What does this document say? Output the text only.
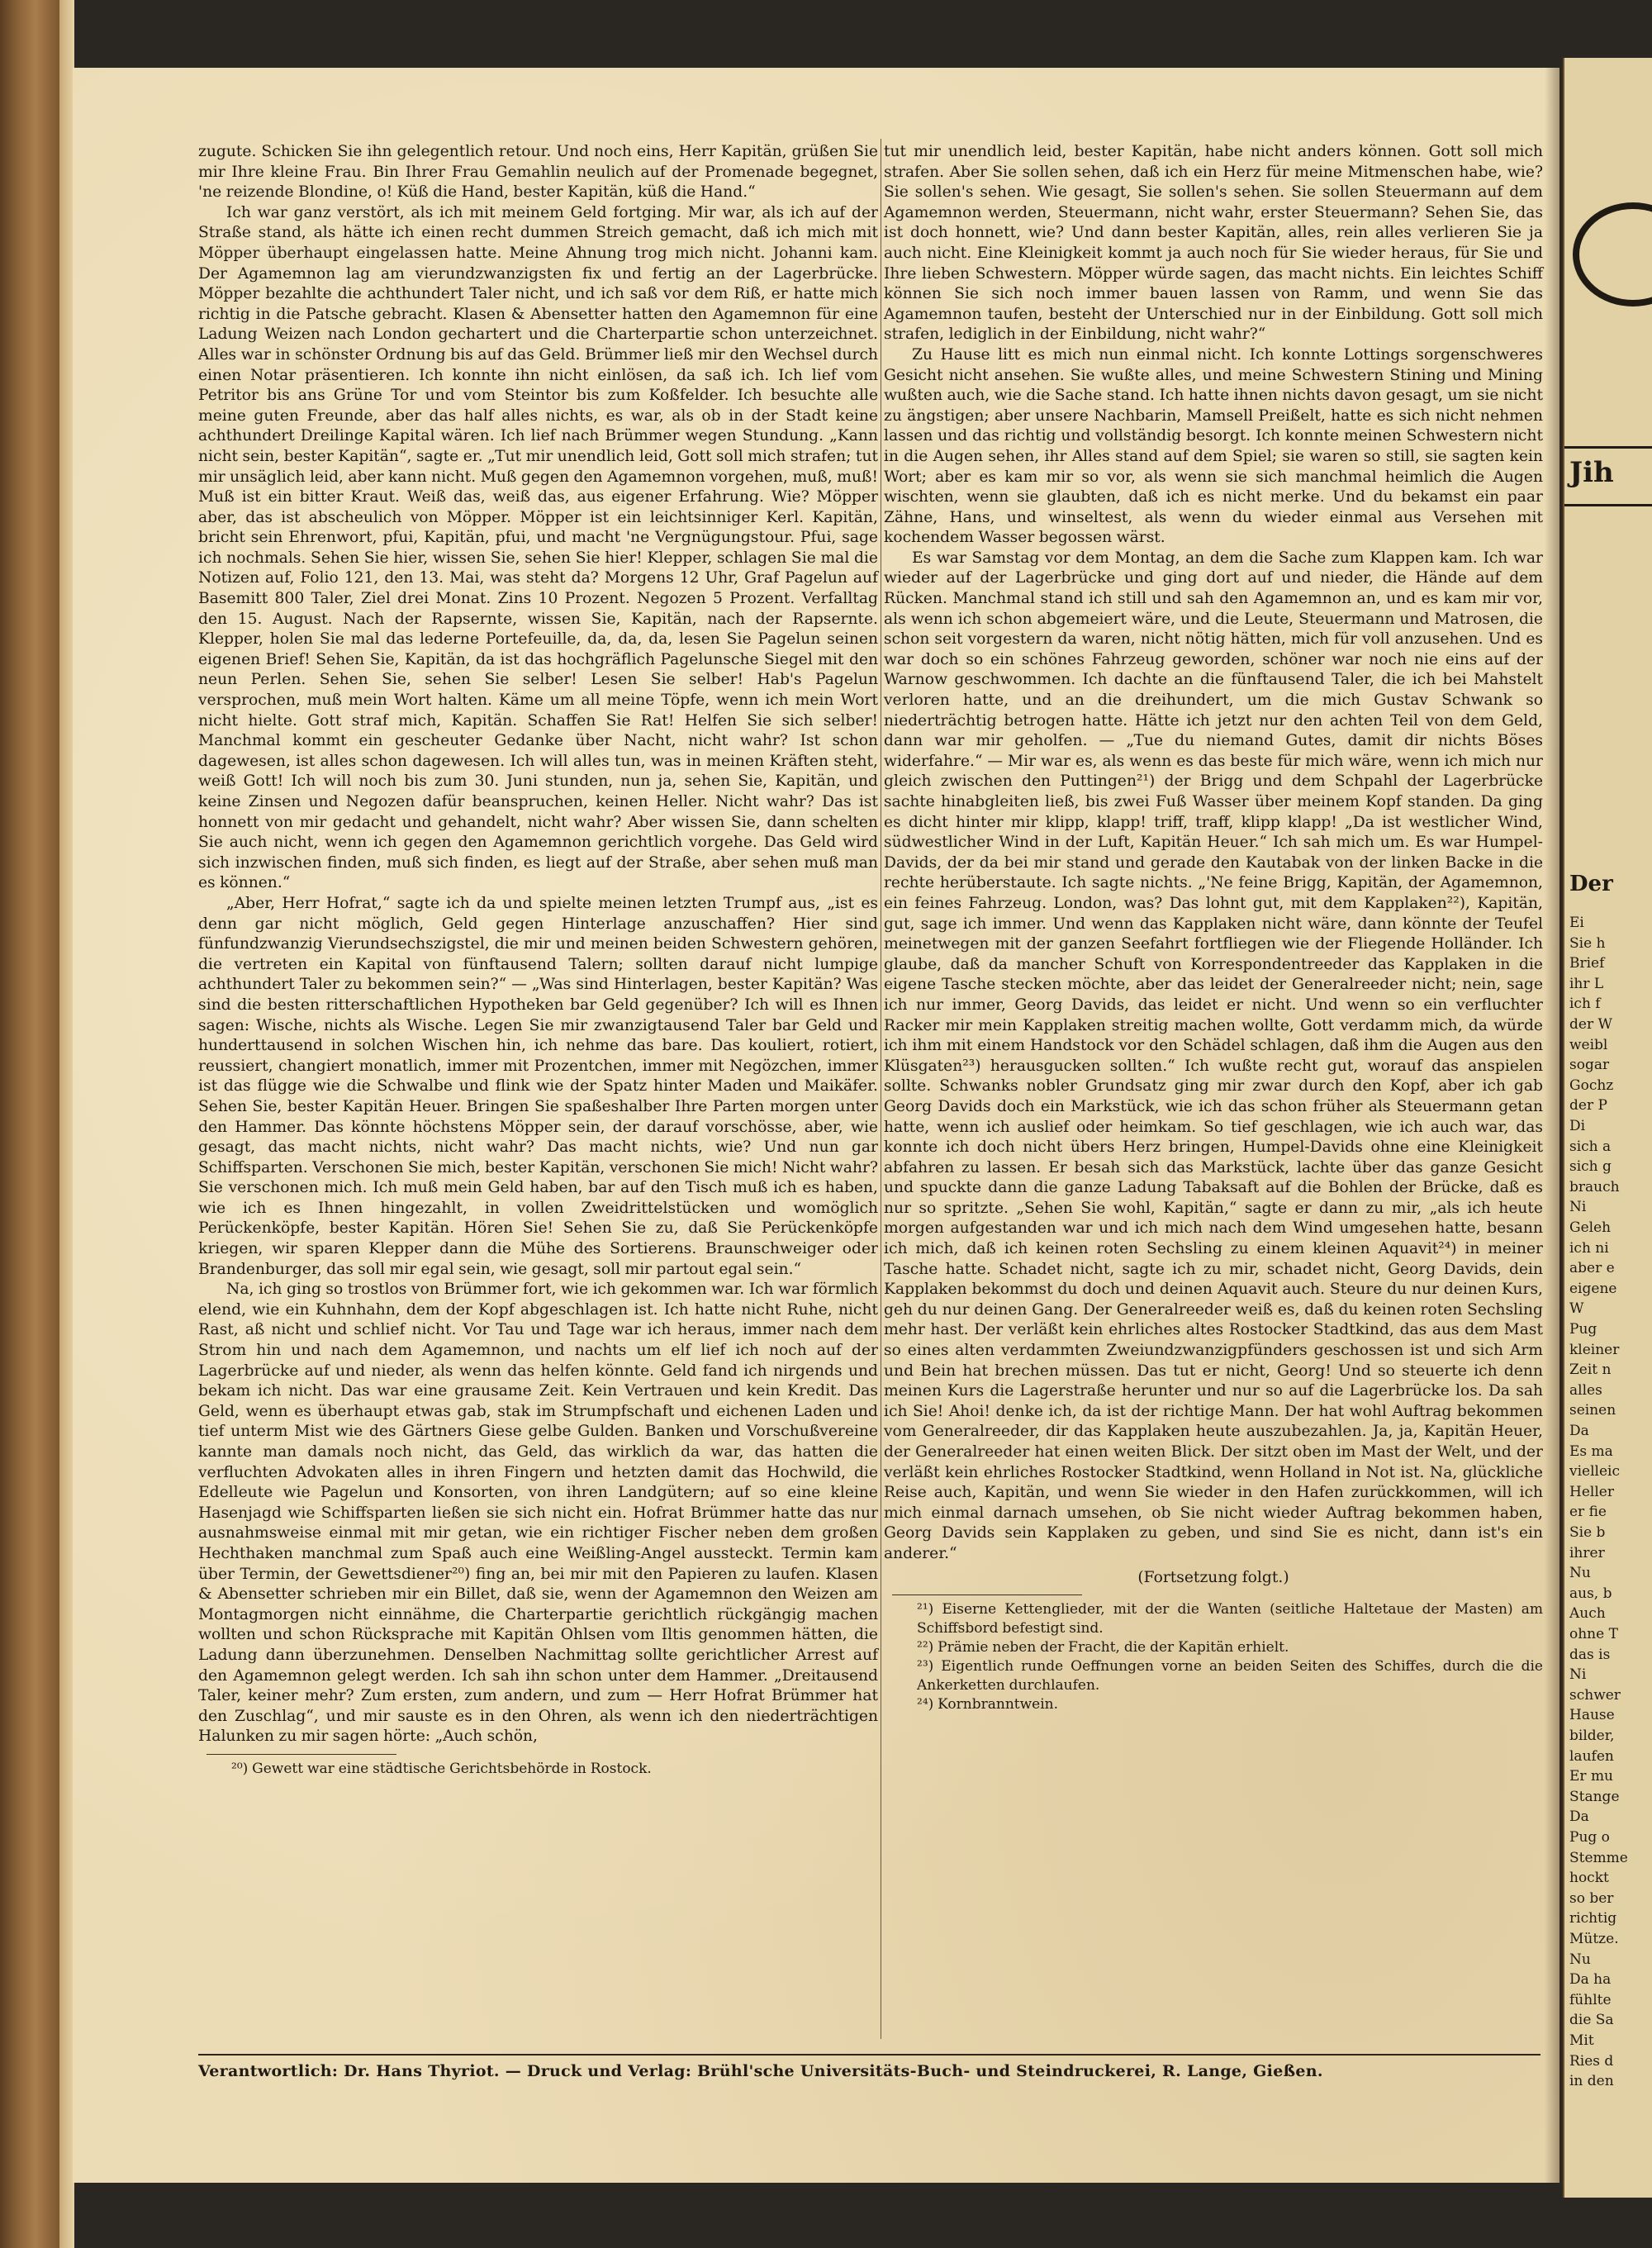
zugute. Schicken Sie ihn gelegentlich retour. Und noch eins, Herr Kapitän, grüßen Sie mir Ihre kleine Frau. Bin Ihrer Frau Gemahlin neulich auf der Promenade begegnet, 'ne reizende Blondine, o! Küß die Hand, bester Kapitän, küß die Hand.“

Ich war ganz verstört, als ich mit meinem Geld fortging. Mir war, als ich auf der Straße stand, als hätte ich einen recht dummen Streich gemacht, daß ich mich mit Möpper überhaupt eingelassen hatte. Meine Ahnung trog mich nicht. Johanni kam. Der Agamemnon lag am vierundzwanzigsten fix und fertig an der Lagerbrücke. Möpper bezahlte die achthundert Taler nicht, und ich saß vor dem Riß, er hatte mich richtig in die Patsche gebracht. Klasen & Abensetter hatten den Agamemnon für eine Ladung Weizen nach London gechartert und die Charterpartie schon unterzeichnet. Alles war in schönster Ordnung bis auf das Geld. Brümmer ließ mir den Wechsel durch einen Notar präsentieren. Ich konnte ihn nicht einlösen, da saß ich. Ich lief vom Petritor bis ans Grüne Tor und vom Steintor bis zum Koßfelder. Ich besuchte alle meine guten Freunde, aber das half alles nichts, es war, als ob in der Stadt keine achthundert Dreilinge Kapital wären. Ich lief nach Brümmer wegen Stundung. „Kann nicht sein, bester Kapitän“, sagte er. „Tut mir unendlich leid, Gott soll mich strafen; tut mir unsäglich leid, aber kann nicht. Muß gegen den Agamemnon vorgehen, muß, muß! Muß ist ein bitter Kraut. Weiß das, weiß das, aus eigener Erfahrung. Wie? Möpper aber, das ist abscheulich von Möpper. Möpper ist ein leichtsinniger Kerl. Kapitän, bricht sein Ehrenwort, pfui, Kapitän, pfui, und macht 'ne Vergnügungstour. Pfui, sage ich nochmals. Sehen Sie hier, wissen Sie, sehen Sie hier! Klepper, schlagen Sie mal die Notizen auf, Folio 121, den 13. Mai, was steht da? Morgens 12 Uhr, Graf Pagelun auf Basemitt 800 Taler, Ziel drei Monat. Zins 10 Prozent. Negozen 5 Prozent. Verfalltag den 15. August. Nach der Rapsernte, wissen Sie, Kapitän, nach der Rapsernte. Klepper, holen Sie mal das lederne Portefeuille, da, da, da, lesen Sie Pagelun seinen eigenen Brief! Sehen Sie, Kapitän, da ist das hochgräflich Pagelunsche Siegel mit den neun Perlen. Sehen Sie, sehen Sie selber! Lesen Sie selber! Hab's Pagelun versprochen, muß mein Wort halten. Käme um all meine Töpfe, wenn ich mein Wort nicht hielte. Gott straf mich, Kapitän. Schaffen Sie Rat! Helfen Sie sich selber! Manchmal kommt ein gescheuter Gedanke über Nacht, nicht wahr? Ist schon dagewesen, ist alles schon dagewesen. Ich will alles tun, was in meinen Kräften steht, weiß Gott! Ich will noch bis zum 30. Juni stunden, nun ja, sehen Sie, Kapitän, und keine Zinsen und Negozen dafür beanspruchen, keinen Heller. Nicht wahr? Das ist honnett von mir gedacht und gehandelt, nicht wahr? Aber wissen Sie, dann schelten Sie auch nicht, wenn ich gegen den Agamemnon gerichtlich vorgehe. Das Geld wird sich inzwischen finden, muß sich finden, es liegt auf der Straße, aber sehen muß man es können.“

„Aber, Herr Hofrat,“ sagte ich da und spielte meinen letzten Trumpf aus, „ist es denn gar nicht möglich, Geld gegen Hinterlage anzuschaffen? Hier sind fünfundzwanzig Vierundsechszigstel, die mir und meinen beiden Schwestern gehören, die vertreten ein Kapital von fünftausend Talern; sollten darauf nicht lumpige achthundert Taler zu bekommen sein?“ — „Was sind Hinterlagen, bester Kapitän? Was sind die besten ritterschaftlichen Hypotheken bar Geld gegenüber? Ich will es Ihnen sagen: Wische, nichts als Wische. Legen Sie mir zwanzigtausend Taler bar Geld und hunderttausend in solchen Wischen hin, ich nehme das bare. Das kouliert, rotiert, reussiert, changiert monatlich, immer mit Prozentchen, immer mit Negözchen, immer ist das flügge wie die Schwalbe und flink wie der Spatz hinter Maden und Maikäfer. Sehen Sie, bester Kapitän Heuer. Bringen Sie spaßeshalber Ihre Parten morgen unter den Hammer. Das könnte höchstens Möpper sein, der darauf vorschösse, aber, wie gesagt, das macht nichts, nicht wahr? Das macht nichts, wie? Und nun gar Schiffsparten. Verschonen Sie mich, bester Kapitän, verschonen Sie mich! Nicht wahr? Sie verschonen mich. Ich muß mein Geld haben, bar auf den Tisch muß ich es haben, wie ich es Ihnen hingezahlt, in vollen Zweidrittelstücken und womöglich Perückenköpfe, bester Kapitän. Hören Sie! Sehen Sie zu, daß Sie Perückenköpfe kriegen, wir sparen Klepper dann die Mühe des Sortierens. Braunschweiger oder Brandenburger, das soll mir egal sein, wie gesagt, soll mir partout egal sein.“

Na, ich ging so trostlos von Brümmer fort, wie ich gekommen war. Ich war förmlich elend, wie ein Kuhnhahn, dem der Kopf abgeschlagen ist. Ich hatte nicht Ruhe, nicht Rast, aß nicht und schlief nicht. Vor Tau und Tage war ich heraus, immer nach dem Strom hin und nach dem Agamemnon, und nachts um elf lief ich noch auf der Lagerbrücke auf und nieder, als wenn das helfen könnte. Geld fand ich nirgends und bekam ich nicht. Das war eine grausame Zeit. Kein Vertrauen und kein Kredit. Das Geld, wenn es überhaupt etwas gab, stak im Strumpfschaft und eichenen Laden und tief unterm Mist wie des Gärtners Giese gelbe Gulden. Banken und Vorschußvereine kannte man damals noch nicht, das Geld, das wirklich da war, das hatten die verfluchten Advokaten alles in ihren Fingern und hetzten damit das Hochwild, die Edelleute wie Pagelun und Konsorten, von ihren Landgütern; auf so eine kleine Hasenjagd wie Schiffsparten ließen sie sich nicht ein. Hofrat Brümmer hatte das nur ausnahmsweise einmal mit mir getan, wie ein richtiger Fischer neben dem großen Hechthaken manchmal zum Spaß auch eine Weißling-Angel aussteckt. Termin kam über Termin, der Gewettsdiener²⁰) fing an, bei mir mit den Papieren zu laufen. Klasen & Abensetter schrieben mir ein Billet, daß sie, wenn der Agamemnon den Weizen am Montagmorgen nicht einnähme, die Charterpartie gerichtlich rückgängig machen wollten und schon Rücksprache mit Kapitän Ohlsen vom Iltis genommen hätten, die Ladung dann überzunehmen. Denselben Nachmittag sollte gerichtlicher Arrest auf den Agamemnon gelegt werden. Ich sah ihn schon unter dem Hammer. „Dreitausend Taler, keiner mehr? Zum ersten, zum andern, und zum — Herr Hofrat Brümmer hat den Zuschlag“, und mir sauste es in den Ohren, als wenn ich den niederträchtigen Halunken zu mir sagen hörte: „Auch schön,

²⁰) Gewett war eine städtische Gerichtsbehörde in Rostock.

tut mir unendlich leid, bester Kapitän, habe nicht anders können. Gott soll mich strafen. Aber Sie sollen sehen, daß ich ein Herz für meine Mitmenschen habe, wie? Sie sollen's sehen. Wie gesagt, Sie sollen's sehen. Sie sollen Steuermann auf dem Agamemnon werden, Steuermann, nicht wahr, erster Steuermann? Sehen Sie, das ist doch honnett, wie? Und dann bester Kapitän, alles, rein alles verlieren Sie ja auch nicht. Eine Kleinigkeit kommt ja auch noch für Sie wieder heraus, für Sie und Ihre lieben Schwestern. Möpper würde sagen, das macht nichts. Ein leichtes Schiff können Sie sich noch immer bauen lassen von Ramm, und wenn Sie das Agamemnon taufen, besteht der Unterschied nur in der Einbildung. Gott soll mich strafen, lediglich in der Einbildung, nicht wahr?“

Zu Hause litt es mich nun einmal nicht. Ich konnte Lottings sorgenschweres Gesicht nicht ansehen. Sie wußte alles, und meine Schwestern Stining und Mining wußten auch, wie die Sache stand. Ich hatte ihnen nichts davon gesagt, um sie nicht zu ängstigen; aber unsere Nachbarin, Mamsell Preißelt, hatte es sich nicht nehmen lassen und das richtig und vollständig besorgt. Ich konnte meinen Schwestern nicht in die Augen sehen, ihr Alles stand auf dem Spiel; sie waren so still, sie sagten kein Wort; aber es kam mir so vor, als wenn sie sich manchmal heimlich die Augen wischten, wenn sie glaubten, daß ich es nicht merke. Und du bekamst ein paar Zähne, Hans, und winseltest, als wenn du wieder einmal aus Versehen mit kochendem Wasser begossen wärst.

Es war Samstag vor dem Montag, an dem die Sache zum Klappen kam. Ich war wieder auf der Lagerbrücke und ging dort auf und nieder, die Hände auf dem Rücken. Manchmal stand ich still und sah den Agamemnon an, und es kam mir vor, als wenn ich schon abgemeiert wäre, und die Leute, Steuermann und Matrosen, die schon seit vorgestern da waren, nicht nötig hätten, mich für voll anzusehen. Und es war doch so ein schönes Fahrzeug geworden, schöner war noch nie eins auf der Warnow geschwommen. Ich dachte an die fünftausend Taler, die ich bei Mahstelt verloren hatte, und an die dreihundert, um die mich Gustav Schwank so niederträchtig betrogen hatte. Hätte ich jetzt nur den achten Teil von dem Geld, dann war mir geholfen. — „Tue du niemand Gutes, damit dir nichts Böses widerfahre.“ — Mir war es, als wenn es das beste für mich wäre, wenn ich mich nur gleich zwischen den Puttingen²¹) der Brigg und dem Schpahl der Lagerbrücke sachte hinabgleiten ließ, bis zwei Fuß Wasser über meinem Kopf standen. Da ging es dicht hinter mir klipp, klapp! triff, traff, klipp klapp! „Da ist westlicher Wind, südwestlicher Wind in der Luft, Kapitän Heuer.“ Ich sah mich um. Es war Humpel-Davids, der da bei mir stand und gerade den Kautabak von der linken Backe in die rechte herüberstaute. Ich sagte nichts. „'Ne feine Brigg, Kapitän, der Agamemnon, ein feines Fahrzeug. London, was? Das lohnt gut, mit dem Kapplaken²²), Kapitän, gut, sage ich immer. Und wenn das Kapplaken nicht wäre, dann könnte der Teufel meinetwegen mit der ganzen Seefahrt fortfliegen wie der Fliegende Holländer. Ich glaube, daß da mancher Schuft von Korrespondentreeder das Kapplaken in die eigene Tasche stecken möchte, aber das leidet der Generalreeder nicht; nein, sage ich nur immer, Georg Davids, das leidet er nicht. Und wenn so ein verfluchter Racker mir mein Kapplaken streitig machen wollte, Gott verdamm mich, da würde ich ihm mit einem Handstock vor den Schädel schlagen, daß ihm die Augen aus den Klüsgaten²³) herausgucken sollten.“ Ich wußte recht gut, worauf das anspielen sollte. Schwanks nobler Grundsatz ging mir zwar durch den Kopf, aber ich gab Georg Davids doch ein Markstück, wie ich das schon früher als Steuermann getan hatte, wenn ich auslief oder heimkam. So tief geschlagen, wie ich auch war, das konnte ich doch nicht übers Herz bringen, Humpel-Davids ohne eine Kleinigkeit abfahren zu lassen. Er besah sich das Markstück, lachte über das ganze Gesicht und spuckte dann die ganze Ladung Tabaksaft auf die Bohlen der Brücke, daß es nur so spritzte. „Sehen Sie wohl, Kapitän,“ sagte er dann zu mir, „als ich heute morgen aufgestanden war und ich mich nach dem Wind umgesehen hatte, besann ich mich, daß ich keinen roten Sechsling zu einem kleinen Aquavit²⁴) in meiner Tasche hatte. Schadet nicht, sagte ich zu mir, schadet nicht, Georg Davids, dein Kapplaken bekommst du doch und deinen Aquavit auch. Steure du nur deinen Kurs, geh du nur deinen Gang. Der Generalreeder weiß es, daß du keinen roten Sechsling mehr hast. Der verläßt kein ehrliches altes Rostocker Stadtkind, das aus dem Mast so eines alten verdammten Zweiundzwanzigpfünders geschossen ist und sich Arm und Bein hat brechen müssen. Das tut er nicht, Georg! Und so steuerte ich denn meinen Kurs die Lagerstraße herunter und nur so auf die Lagerbrücke los. Da sah ich Sie! Ahoi! denke ich, da ist der richtige Mann. Der hat wohl Auftrag bekommen vom Generalreeder, dir das Kapplaken heute auszubezahlen. Ja, ja, Kapitän Heuer, der Generalreeder hat einen weiten Blick. Der sitzt oben im Mast der Welt, und der verläßt kein ehrliches Rostocker Stadtkind, wenn Holland in Not ist. Na, glückliche Reise auch, Kapitän, und wenn Sie wieder in den Hafen zurückkommen, will ich mich einmal darnach umsehen, ob Sie nicht wieder Auftrag bekommen haben, Georg Davids sein Kapplaken zu geben, und sind Sie es nicht, dann ist's ein anderer.“

(Fortsetzung folgt.)

²¹) Eiserne Kettenglieder, mit der die Wanten (seitliche Haltetaue der Masten) am Schiffsbord befestigt sind.

²²) Prämie neben der Fracht, die der Kapitän erhielt.

²³) Eigentlich runde Oeffnungen vorne an beiden Seiten des Schiffes, durch die die Ankerketten durchlaufen.

²⁴) Kornbranntwein.

Verantwortlich: Dr. Hans Thyriot. — Druck und Verlag: Brühl'sche Universitäts-Buch- und Steindruckerei, R. Lange, Gießen.
Jih
Der
Ei
Sie h
Brief
ihr L
ich f
der W
weibl
sogar
Gochz
der P
Di
sich a
sich g
brauch
Ni
Geleh
ich ni
aber e
eigene
W
Pug
kleiner
Zeit n
alles
seinen
Da
Es ma
vielleic
Heller
er fie
Sie b
ihrer
Nu
aus, b
Auch
ohne T
das is
Ni
schwer
Hause
bilder,
laufen
Er mu
Stange
Da
Pug o
Stemme
hockt
so ber
richtig
Mütze.
Nu
Da ha
fühlte
die Sa
Mit
Ries d
in den
